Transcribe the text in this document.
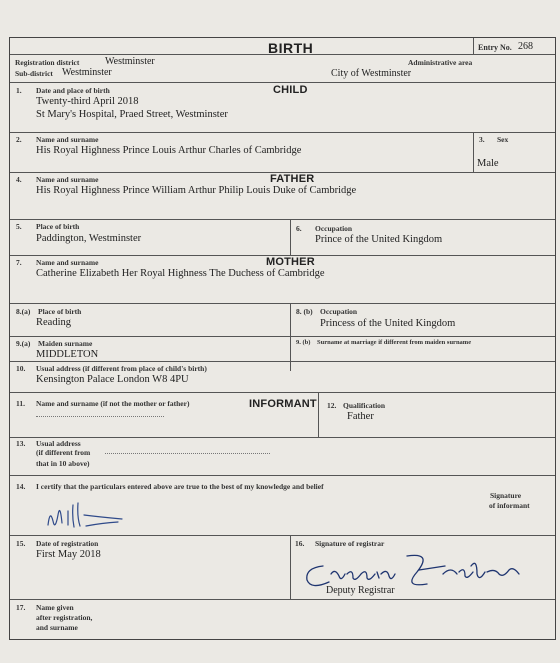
BIRTH	Entry No. 268
Registration district	Westminster	Administrative area
Sub-district Westminster	City of Westminster
1. Date and place of birth	CHILD
Twenty-third April 2018
St Mary's Hospital, Praed Street, Westminster
2. Name and surname
His Royal Highness Prince Louis Arthur Charles of Cambridge
3. Sex
Male
4. Name and surname	FATHER
His Royal Highness Prince William Arthur Philip Louis Duke of Cambridge
5. Place of birth
Paddington, Westminster
6. Occupation
Prince of the United Kingdom
7. Name and surname	MOTHER
Catherine Elizabeth Her Royal Highness The Duchess of Cambridge
8.(a) Place of birth
Reading
8. (b) Occupation
Princess of the United Kingdom
9.(a) Maiden surname
MIDDLETON
9. (b) Surname at marriage if different from maiden surname
10. Usual address (if different from place of child's birth)
Kensington Palace London W8 4PU
11. Name and surname (if not the mother or father)	INFORMANT 12. Qualification
Father
13. Usual address
(if different from
that in 10 above)
14. I certify that the particulars entered above are true to the best of my knowledge and belief
Signature
of informant
15. Date of registration
First May 2018
16. Signature of registrar
Deputy Registrar
17. Name given
after registration,
and surname
